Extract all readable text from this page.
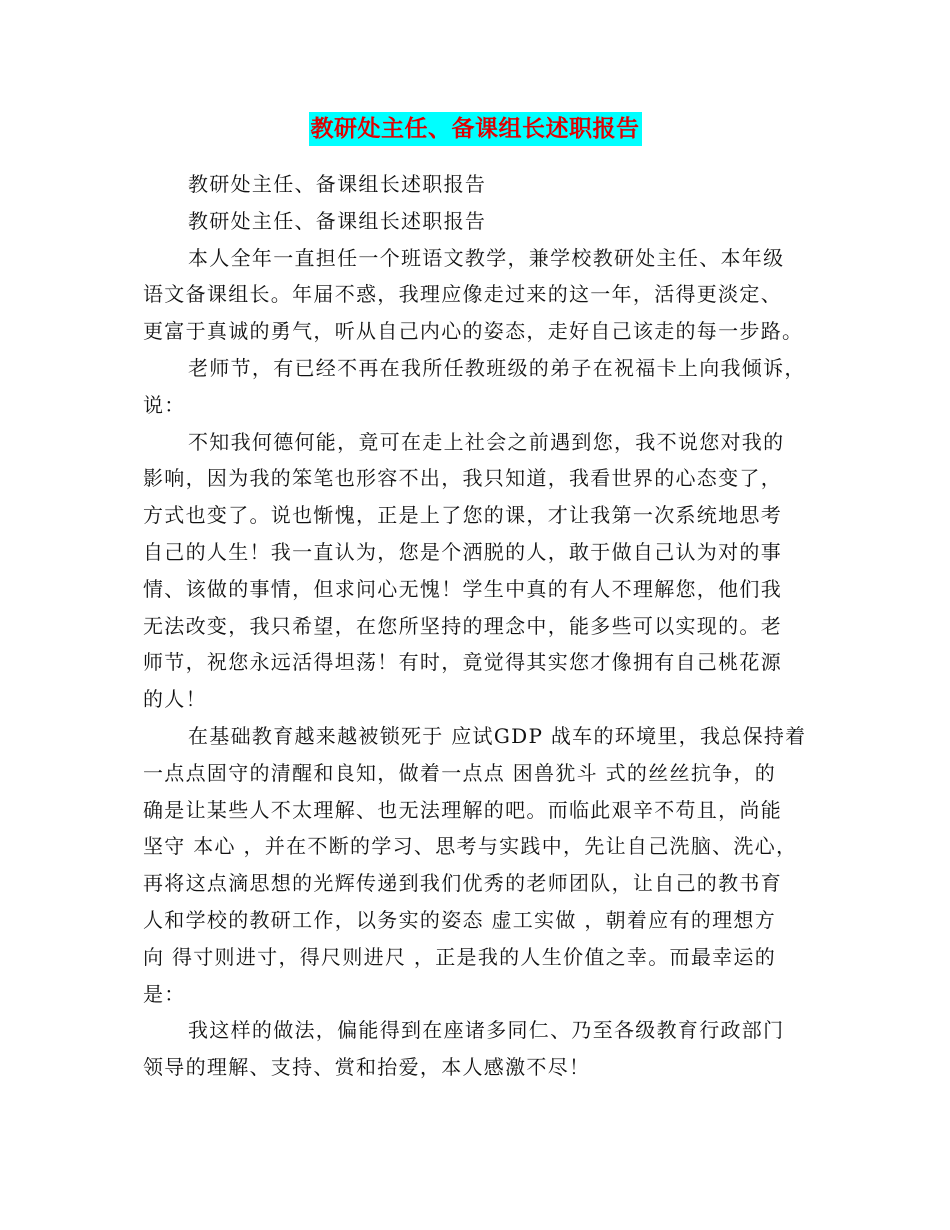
教研处主任、备课组长述职报告
教研处主任、备课组长述职报告
教研处主任、备课组长述职报告
本人全年一直担任一个班语文教学，兼学校教研处主任、本年级
语文备课组长。年届不惑，我理应像走过来的这一年，活得更淡定、
更富于真诚的勇气，听从自己内心的姿态，走好自己该走的每一步路。
老师节，有已经不再在我所任教班级的弟子在祝福卡上向我倾诉，
说：
不知我何德何能，竟可在走上社会之前遇到您，我不说您对我的
影响，因为我的笨笔也形容不出，我只知道，我看世界的心态变了，
方式也变了。说也惭愧，正是上了您的课，才让我第一次系统地思考
自己的人生！我一直认为，您是个洒脱的人，敢于做自己认为对的事
情、该做的事情，但求问心无愧！学生中真的有人不理解您，他们我
无法改变，我只希望，在您所坚持的理念中，能多些可以实现的。老
师节，祝您永远活得坦荡！有时，竟觉得其实您才像拥有自己桃花源
的人！
在基础教育越来越被锁死于 应试GDP 战车的环境里，我总保持着
一点点固守的清醒和良知，做着一点点 困兽犹斗 式的丝丝抗争，的
确是让某些人不太理解、也无法理解的吧。而临此艰辛不苟且，尚能
坚守 本心 ，并在不断的学习、思考与实践中，先让自己洗脑、洗心，
再将这点滴思想的光辉传递到我们优秀的老师团队，让自己的教书育
人和学校的教研工作，以务实的姿态 虚工实做 ，朝着应有的理想方
向 得寸则进寸，得尺则进尺 ，正是我的人生价值之幸。而最幸运的
是：
我这样的做法，偏能得到在座诸多同仁、乃至各级教育行政部门
领导的理解、支持、赏和抬爱，本人感激不尽！
